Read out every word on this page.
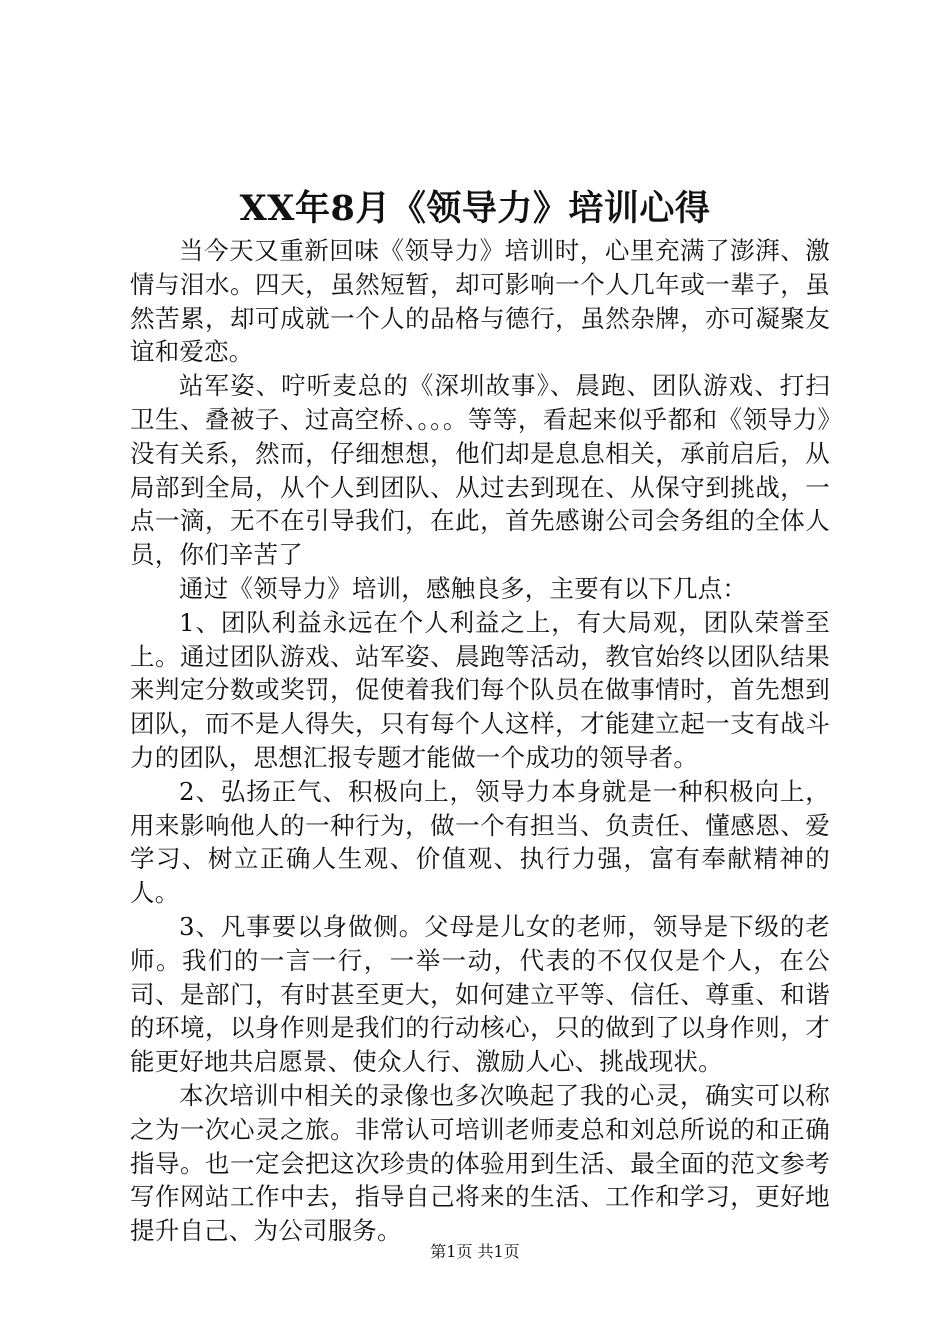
XX年8月《领导力》培训心得

当今天又重新回味《领导力》培训时，心里充满了澎湃、激情与泪水。四天，虽然短暂，却可影响一个人几年或一辈子，虽然苦累，却可成就一个人的品格与德行，虽然杂牌，亦可凝聚友谊和爱恋。

站军姿、咛听麦总的《深圳故事》、晨跑、团队游戏、打扫卫生、叠被子、过高空桥、。。。等等，看起来似乎都和《领导力》没有关系，然而，仔细想想，他们却是息息相关，承前启后，从局部到全局，从个人到团队、从过去到现在、从保守到挑战，一点一滴，无不在引导我们，在此，首先感谢公司会务组的全体人员，你们辛苦了

通过《领导力》培训，感触良多，主要有以下几点：

1、团队利益永远在个人利益之上，有大局观，团队荣誉至上。通过团队游戏、站军姿、晨跑等活动，教官始终以团队结果来判定分数或奖罚，促使着我们每个队员在做事情时，首先想到团队，而不是人得失，只有每个人这样，才能建立起一支有战斗力的团队，思想汇报专题才能做一个成功的领导者。

2、弘扬正气、积极向上，领导力本身就是一种积极向上，用来影响他人的一种行为，做一个有担当、负责任、懂感恩、爱学习、树立正确人生观、价值观、执行力强，富有奉献精神的人。

3、凡事要以身做侧。父母是儿女的老师，领导是下级的老师。我们的一言一行，一举一动，代表的不仅仅是个人，在公司、是部门，有时甚至更大，如何建立平等、信任、尊重、和谐的环境，以身作则是我们的行动核心，只的做到了以身作则，才能更好地共启愿景、使众人行、激励人心、挑战现状。

本次培训中相关的录像也多次唤起了我的心灵，确实可以称之为一次心灵之旅。非常认可培训老师麦总和刘总所说的和正确指导。也一定会把这次珍贵的体验用到生活、最全面的范文参考写作网站工作中去，指导自己将来的生活、工作和学习，更好地提升自己、为公司服务。

第1页 共1页
